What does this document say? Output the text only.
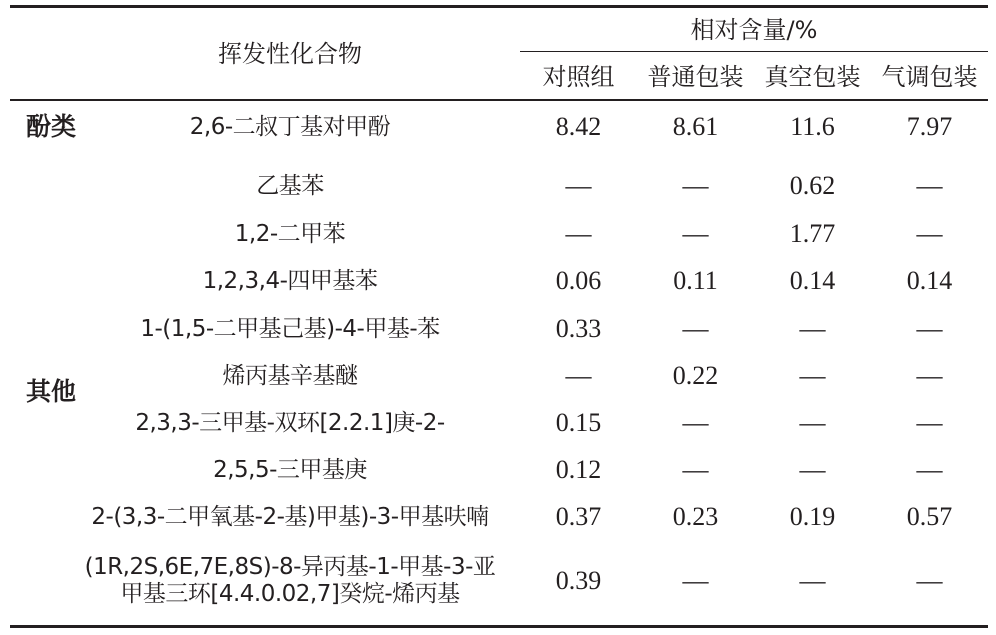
挥发性化合物
相对含量/%
对照组	普通包装 真空包装 气调包装
酚类
其他
2,6-二叔丁基对甲酚	8.42	8.61	11.6	7.97
乙基苯	—	—	0.62	—
1,2-二甲苯	—	—	1.77	—
1,2,3,4-四甲基苯	0.06	0.11	0.14	0.14
1-(1,5-二甲基己基)-4-甲基-苯	0.33	—	—	—
烯丙基辛基醚	—	0.22	—	—
2,3,3-三甲基-双环[2.2.1]庚-2-	0.15	—	—	—
2,5,5-三甲基庚	0.12	—	—	—
2-(3,3-二甲氧基-2-基)甲基)-3-甲基呋喃	0.37	0.23	0.19	0.57
(1R,2S,6E,7E,8S)-8-异丙基-1-甲基-3-亚
甲基三环[4.4.0.02,7]癸烷-烯丙基	0.39	—	—	—
